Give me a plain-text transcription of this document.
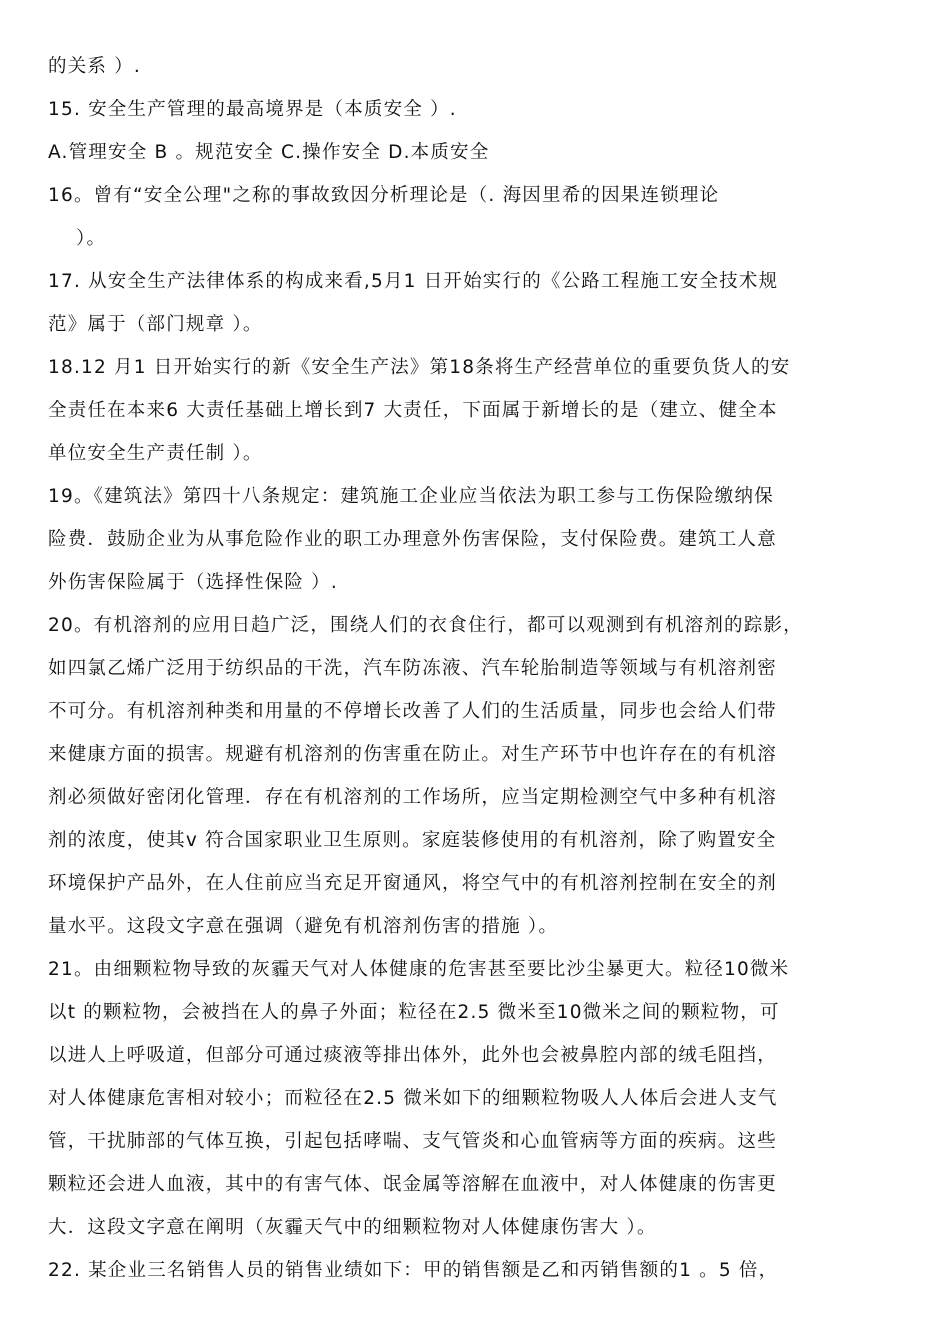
的关系 ）.
15. 安全生产管理的最高境界是（本质安全 ）.
A.管理安全 B 。规范安全 C.操作安全 D.本质安全
16。曾有“安全公理"之称的事故致因分析理论是（. 海因里希的因果连锁理论
）。
17. 从安全生产法律体系的构成来看,5月1 日开始实行的《公路工程施工安全技术规
范》属于（部门规章 ）。
18.12 月1 日开始实行的新《安全生产法》第18条将生产经营单位的重要负货人的安
全责任在本来6 大责任基础上增长到7 大责任，下面属于新增长的是（建立、健全本
单位安全生产责任制 ）。
19。《建筑法》第四十八条规定：建筑施工企业应当依法为职工参与工伤保险缴纳保
险费．鼓励企业为从事危险作业的职工办理意外伤害保险，支付保险费。建筑工人意
外伤害保险属于（选择性保险 ）.
20。有机溶剂的应用日趋广泛，围绕人们的衣食住行，都可以观测到有机溶剂的踪影，
如四氯乙烯广泛用于纺织品的干洗，汽车防冻液、汽车轮胎制造等领域与有机溶剂密
不可分。有机溶剂种类和用量的不停增长改善了人们的生活质量，同步也会给人们带
来健康方面的损害。规避有机溶剂的伤害重在防止。对生产环节中也许存在的有机溶
剂必须做好密闭化管理．存在有机溶剂的工作场所，应当定期检测空气中多种有机溶
剂的浓度，使其v 符合国家职业卫生原则。家庭装修使用的有机溶剂，除了购置安全
环境保护产品外，在人住前应当充足开窗通风，将空气中的有机溶剂控制在安全的剂
量水平。这段文字意在强调（避免有机溶剂伤害的措施 ）。
21。由细颗粒物导致的灰霾天气对人体健康的危害甚至要比沙尘暴更大。粒径10微米
以t 的颗粒物，会被挡在人的鼻子外面；粒径在2.5 微米至10微米之间的颗粒物，可
以进人上呼吸道，但部分可通过痰液等排出体外，此外也会被鼻腔内部的绒毛阻挡，
对人体健康危害相对较小；而粒径在2.5 微米如下的细颗粒物吸人人体后会进人支气
管，干扰肺部的气体互换，引起包括哮喘、支气管炎和心血管病等方面的疾病。这些
颗粒还会进人血液，其中的有害气体、氓金属等溶解在血液中，对人体健康的伤害更
大．这段文字意在阐明（灰霾天气中的细颗粒物对人体健康伤害大 ）。
22. 某企业三名销售人员的销售业绩如下：甲的销售额是乙和丙销售额的1 。5 倍，
